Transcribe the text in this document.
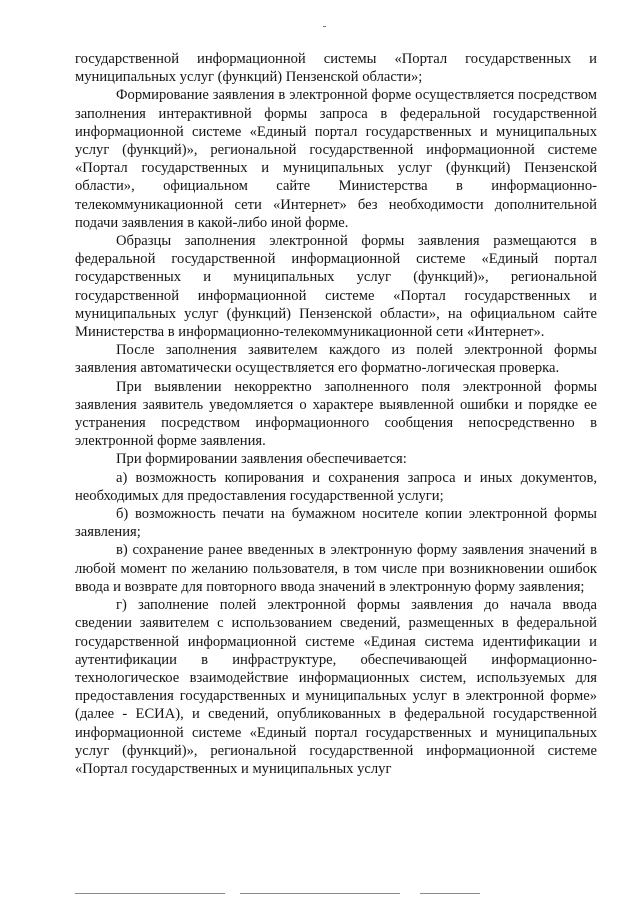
государственной информационной системы «Портал государственных и муниципальных услуг (функций) Пензенской области»;

Формирование заявления в электронной форме осуществляется посредством заполнения интерактивной формы запроса в федеральной государственной информационной системе «Единый портал государственных и муниципальных услуг (функций)», региональной государственной информационной системе «Портал государственных и муниципальных услуг (функций) Пензенской области», официальном сайте Министерства в информационно-телекоммуникационной сети «Интернет» без необходимости дополнительной подачи заявления в какой-либо иной форме.

Образцы заполнения электронной формы заявления размещаются в федеральной государственной информационной системе «Единый портал государственных и муниципальных услуг (функций)», региональной государственной информационной системе «Портал государственных и муниципальных услуг (функций) Пензенской области», на официальном сайте Министерства в информационно-телекоммуникационной сети «Интернет».

После заполнения заявителем каждого из полей электронной формы заявления автоматически осуществляется его форматно-логическая проверка.

При выявлении некорректно заполненного поля электронной формы заявления заявитель уведомляется о характере выявленной ошибки и порядке ее устранения посредством информационного сообщения непосредственно в электронной форме заявления.

При формировании заявления обеспечивается:

а) возможность копирования и сохранения запроса и иных документов, необходимых для предоставления государственной услуги;

б) возможность печати на бумажном носителе копии электронной формы заявления;

в) сохранение ранее введенных в электронную форму заявления значений в любой момент по желанию пользователя, в том числе при возникновении ошибок ввода и возврате для повторного ввода значений в электронную форму заявления;

г) заполнение полей электронной формы заявления до начала ввода сведении заявителем с использованием сведений, размещенных в федеральной государственной информационной системе «Единая система идентификации и аутентификации в инфраструктуре, обеспечивающей информационно-технологическое взаимодействие информационных систем, используемых для предоставления государственных и муниципальных услуг в электронной форме» (далее - ЕСИА), и сведений, опубликованных в федеральной государственной информационной системе «Единый портал государственных и муниципальных услуг (функций)», региональной государственной информационной системе «Портал государственных и муниципальных услуг
